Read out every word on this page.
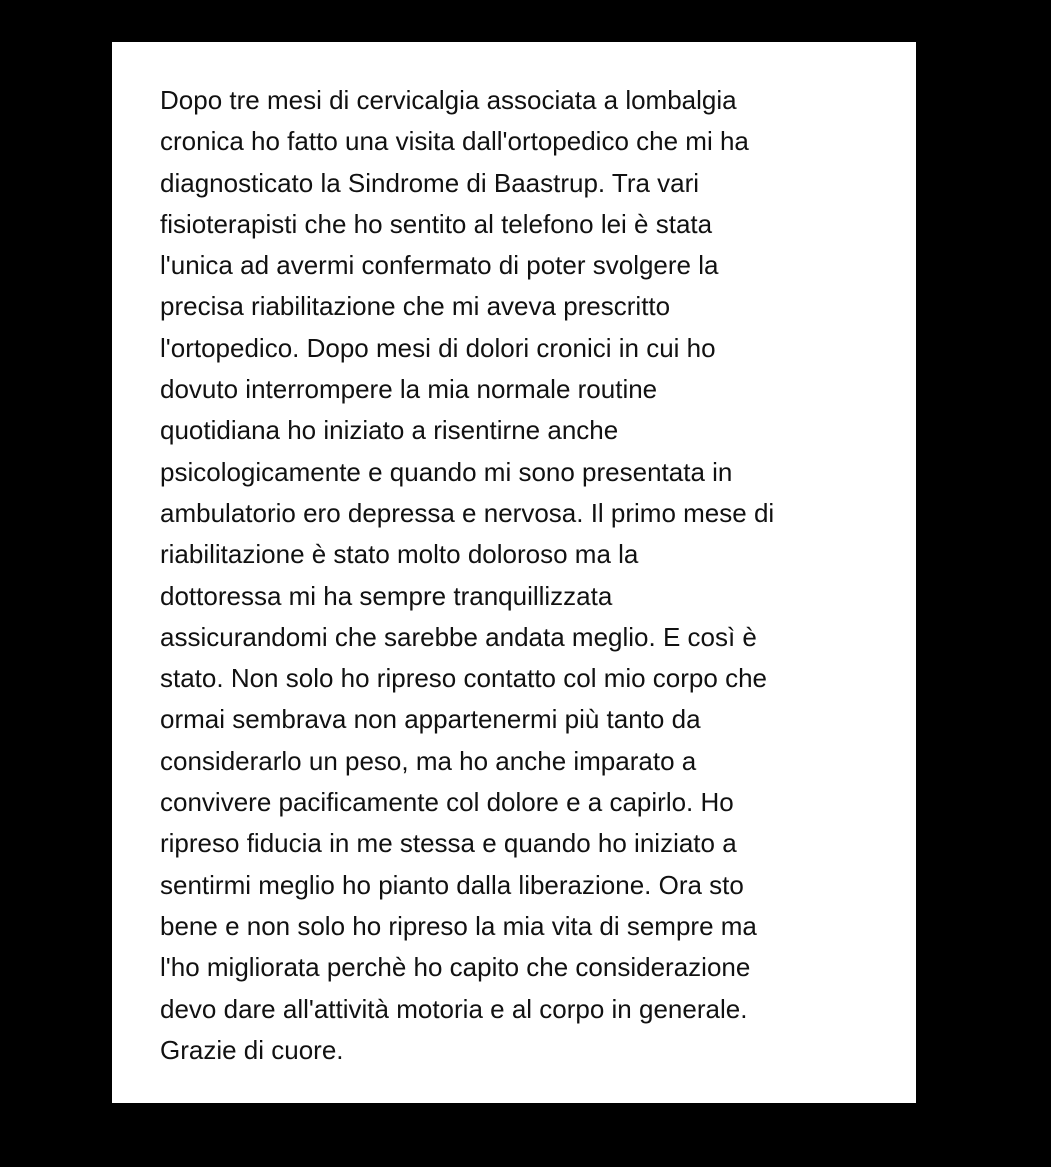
Dopo tre mesi di cervicalgia associata a lombalgia
cronica ho fatto una visita dall'ortopedico che mi ha
diagnosticato la Sindrome di Baastrup. Tra vari
fisioterapisti che ho sentito al telefono lei è stata
l'unica ad avermi confermato di poter svolgere la
precisa riabilitazione che mi aveva prescritto
l'ortopedico. Dopo mesi di dolori cronici in cui ho
dovuto interrompere la mia normale routine
quotidiana ho iniziato a risentirne anche
psicologicamente e quando mi sono presentata in
ambulatorio ero depressa e nervosa. Il primo mese di
riabilitazione è stato molto doloroso ma la
dottoressa mi ha sempre tranquillizzata
assicurandomi che sarebbe andata meglio. E così è
stato. Non solo ho ripreso contatto col mio corpo che
ormai sembrava non appartenermi più tanto da
considerarlo un peso, ma ho anche imparato a
convivere pacificamente col dolore e a capirlo. Ho
ripreso fiducia in me stessa e quando ho iniziato a
sentirmi meglio ho pianto dalla liberazione. Ora sto
bene e non solo ho ripreso la mia vita di sempre ma
l'ho migliorata perchè ho capito che considerazione
devo dare all'attività motoria e al corpo in generale.
Grazie di cuore.
